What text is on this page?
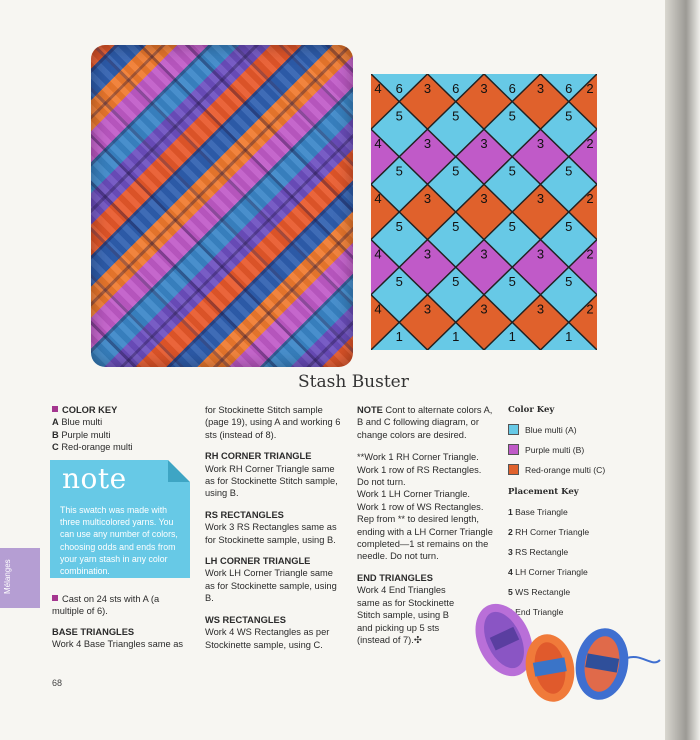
4 6 3 6 3 6 3 6 2
5	5	5	5
4	3	3	3	2
5	5	5	5
4	3	3	3	2
5	5	5	5
4	3	3	3	2
5	5	5	5
4	3	3	3	2
1	1	1	1
Stash Buster
COLOR KEY
A Blue multi
B Purple multi
C Red-orange multi
note
This swatch was made with three multicolored yarns. You can use any number of colors, choosing odds and ends from your yarn stash in any color combination.
Cast on 24 sts with A (a multiple of 6).
BASE TRIANGLES
Work 4 Base Triangles same as
Mélanges
68
for Stockinette Stitch sample (page 19), using A and working 6 sts (instead of 8).
RH CORNER TRIANGLE
Work RH Corner Triangle same as for Stockinette Stitch sample, using B.
RS RECTANGLES
Work 3 RS Rectangles same as for Stockinette sample, using B.
LH CORNER TRIANGLE
Work LH Corner Triangle same as for Stockinette sample, using B.
WS RECTANGLES
Work 4 WS Rectangles as per Stockinette sample, using C.
NOTE Cont to alternate colors A, B and C following diagram, or change colors are desired.
**Work 1 RH Corner Triangle.
Work 1 row of RS Rectangles.
Do not turn.
Work 1 LH Corner Triangle.
Work 1 row of WS Rectangles.
Rep from ** to desired length,
ending with a LH Corner Triangle
completed—1 st remains on the
needle. Do not turn.
END TRIANGLES
Work 4 End Triangles same as for Stockinette Stitch sample, using B and picking up 5 sts (instead of 7).✣
Color Key
Blue multi (A)
Purple multi (B)
Red-orange multi (C)
Placement Key
1 Base Triangle
2 RH Corner Triangle
3 RS Rectangle
4 LH Corner Triangle
5 WS Rectangle
End Triangle
